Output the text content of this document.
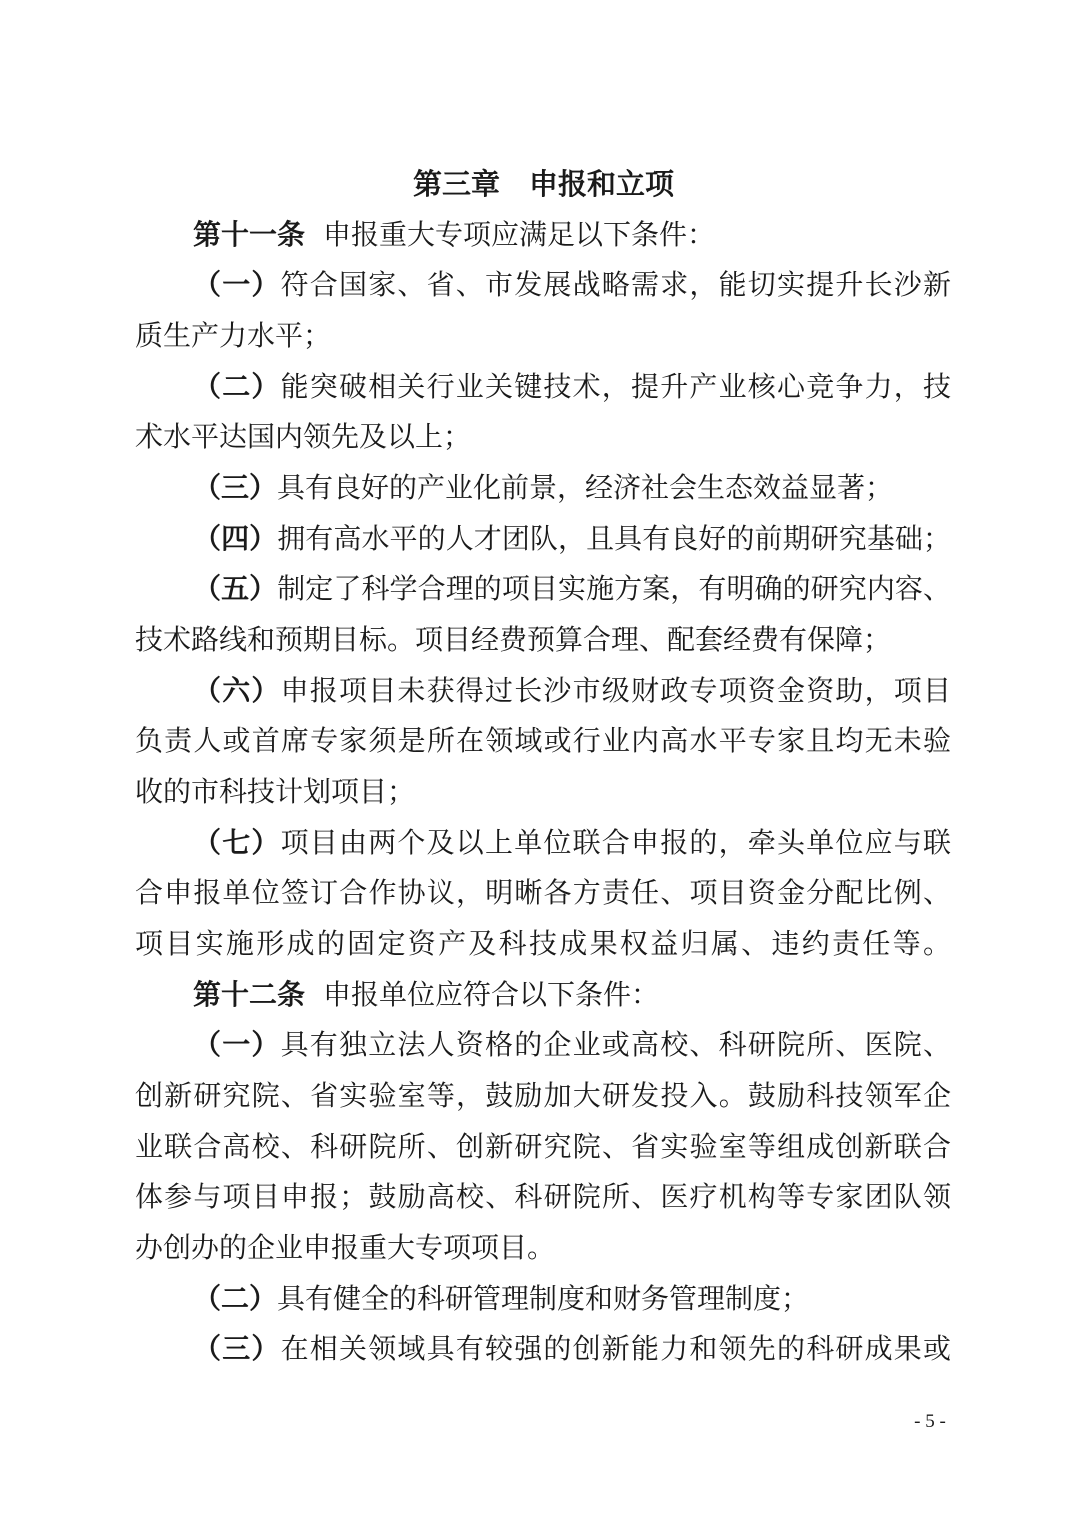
第三章　申报和立项
第十一条 申报重大专项应满足以下条件：
（一）符合国家、省、市发展战略需求，能切实提升长沙新
质生产力水平；
（二）能突破相关行业关键技术，提升产业核心竞争力，技
术水平达国内领先及以上；
（三）具有良好的产业化前景，经济社会生态效益显著；
（四）拥有高水平的人才团队，且具有良好的前期研究基础；
（五）制定了科学合理的项目实施方案，有明确的研究内容、
技术路线和预期目标。项目经费预算合理、配套经费有保障；
（六）申报项目未获得过长沙市级财政专项资金资助，项目
负责人或首席专家须是所在领域或行业内高水平专家且均无未验
收的市科技计划项目；
（七）项目由两个及以上单位联合申报的，牵头单位应与联
合申报单位签订合作协议，明晰各方责任、项目资金分配比例、
项目实施形成的固定资产及科技成果权益归属、违约责任等。
第十二条 申报单位应符合以下条件：
（一）具有独立法人资格的企业或高校、科研院所、医院、
创新研究院、省实验室等，鼓励加大研发投入。鼓励科技领军企
业联合高校、科研院所、创新研究院、省实验室等组成创新联合
体参与项目申报；鼓励高校、科研院所、医疗机构等专家团队领
办创办的企业申报重大专项项目。
（二）具有健全的科研管理制度和财务管理制度；
（三）在相关领域具有较强的创新能力和领先的科研成果或
- 5 -
